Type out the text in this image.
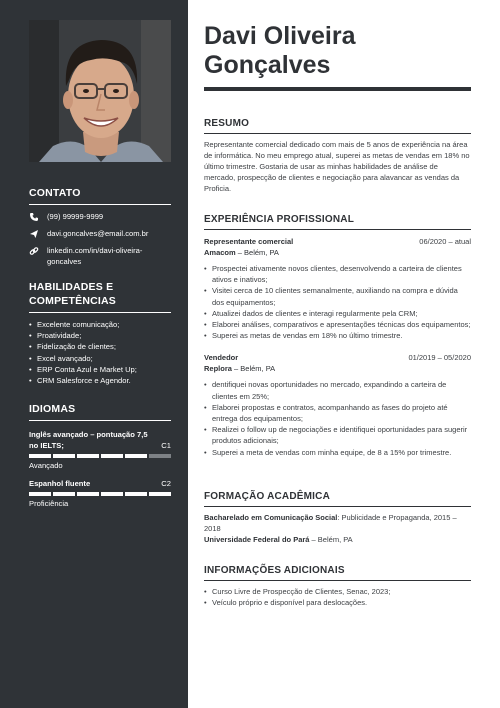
CONTATO
(99) 99999-9999
davi.goncalves@email.com.br
linkedin.com/in/davi-oliveira-goncalves
HABILIDADES E COMPETÊNCIAS
• Excelente comunicação;
• Proatividade;
• Fidelização de clientes;
• Excel avançado;
• ERP Conta Azul e Market Up;
• CRM Salesforce e Agendor.
IDIOMAS
Inglês avançado – pontuação 7,5 no IELTS;	C1
Avançado
Espanhol fluente	C2
Proficiência
Davi Oliveira
Gonçalves
RESUMO
Representante comercial dedicado com mais de 5 anos de experiência na área de informática. No meu emprego atual, superei as metas de vendas em 18% no último trimestre. Gostaria de usar as minhas habilidades de análise de mercado, prospecção de clientes e negociação para alavancar as vendas da Proficia.
EXPERIÊNCIA PROFISSIONAL
Representante comercial	06/2020 – atual
Amacom – Belém, PA
• Prospectei ativamente novos clientes, desenvolvendo a carteira de clientes ativos e inativos;
• Visitei cerca de 10 clientes semanalmente, auxiliando na compra e dúvida dos equipamentos;
• Atualizei dados de clientes e interagi regularmente pela CRM;
• Elaborei análises, comparativos e apresentações técnicas dos equipamentos;
• Superei as metas de vendas em 18% no último trimestre.
Vendedor	01/2019 – 05/2020
Replora – Belém, PA
• dentifiquei novas oportunidades no mercado, expandindo a carteira de clientes em 25%;
• Elaborei propostas e contratos, acompanhando as fases do projeto até entrega dos equipamentos;
• Realizei o follow up de negociações e identifiquei oportunidades para sugerir produtos adicionais;
• Superei a meta de vendas com minha equipe, de 8 a 15% por trimestre.
FORMAÇÃO ACADÊMICA
Bacharelado em Comunicação Social: Publicidade e Propaganda, 2015 – 2018
Universidade Federal do Pará – Belém, PA
INFORMAÇÕES ADICIONAIS
• Curso Livre de Prospecção de Clientes, Senac, 2023;
• Veículo próprio e disponível para deslocações.
